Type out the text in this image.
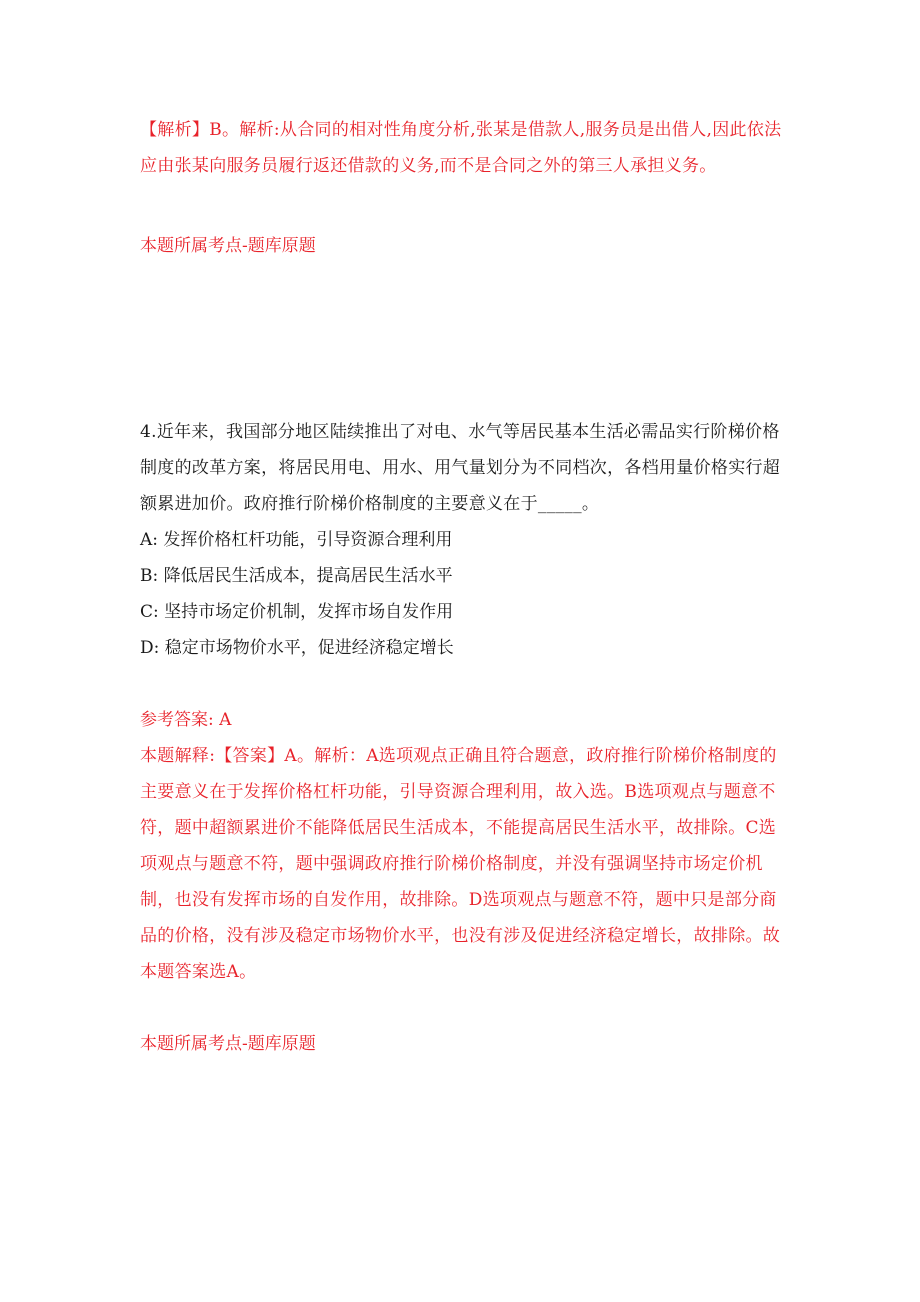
【解析】B。解析:从合同的相对性角度分析,张某是借款人,服务员是出借人,因此依法应由张某向服务员履行返还借款的义务,而不是合同之外的第三人承担义务。

本题所属考点-题库原题

4.近年来，我国部分地区陆续推出了对电、水气等居民基本生活必需品实行阶梯价格制度的改革方案，将居民用电、用水、用气量划分为不同档次，各档用量价格实行超额累进加价。政府推行阶梯价格制度的主要意义在于_____。

A: 发挥价格杠杆功能，引导资源合理利用

B: 降低居民生活成本，提高居民生活水平

C: 坚持市场定价机制，发挥市场自发作用

D: 稳定市场物价水平，促进经济稳定增长

参考答案: A

本题解释:【答案】A。解析：A选项观点正确且符合题意，政府推行阶梯价格制度的主要意义在于发挥价格杠杆功能，引导资源合理利用，故入选。B选项观点与题意不符，题中超额累进价不能降低居民生活成本，不能提高居民生活水平，故排除。C选项观点与题意不符，题中强调政府推行阶梯价格制度，并没有强调坚持市场定价机制，也没有发挥市场的自发作用，故排除。D选项观点与题意不符，题中只是部分商品的价格，没有涉及稳定市场物价水平，也没有涉及促进经济稳定增长，故排除。故本题答案选A。

本题所属考点-题库原题
